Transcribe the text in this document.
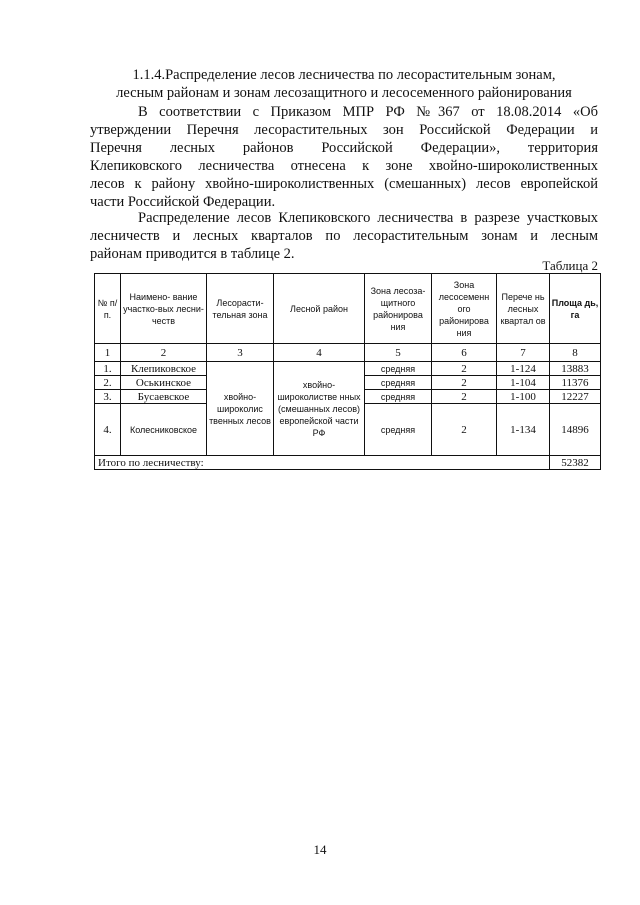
1.1.4.Распределение лесов лесничества по лесорастительным зонам,
лесным районам и зонам лесозащитного и лесосеменного районирования
В соответствии с Приказом МПР РФ №367 от 18.08.2014 «Об
утверждении Перечня лесорастительных зон Российской Федерации и
Перечня лесных районов Российской Федерации», территория
Клепиковского лесничества отнесена к зоне хвойно-широколиственных
лесов к району хвойно-широколиственных (смешанных) лесов европейской
части Российской Федерации.
Распределение лесов Клепиковского лесничества в разрезе участковых
лесничеств и лесных кварталов по лесорастительным зонам и лесным
районам приводится в таблице 2.
Таблица 2
№ п/ п.	Наимено- вание участко-вых лесни-честв	Лесорасти- тельная зона	Лесной район	Зона лесоза- щитного районирова ния	Зона лесосеменн ого районирова ния	Перече нь лесных квартал ов	Площа дь, га
1	2	3	4	5	6	7	8
1.	Клепиковское	хвойно- широколис твенных лесов	хвойно- широколистве нных (смешанных лесов) европейской части РФ	средняя	2	1-124	13883
2.	Оськинское			средняя	2	1-104	11376
3.	Бусаевское			средняя	2	1-100	12227
4.	Колесниковское			средняя	2	1-134	14896
Итого по лесничеству:							52382
14
